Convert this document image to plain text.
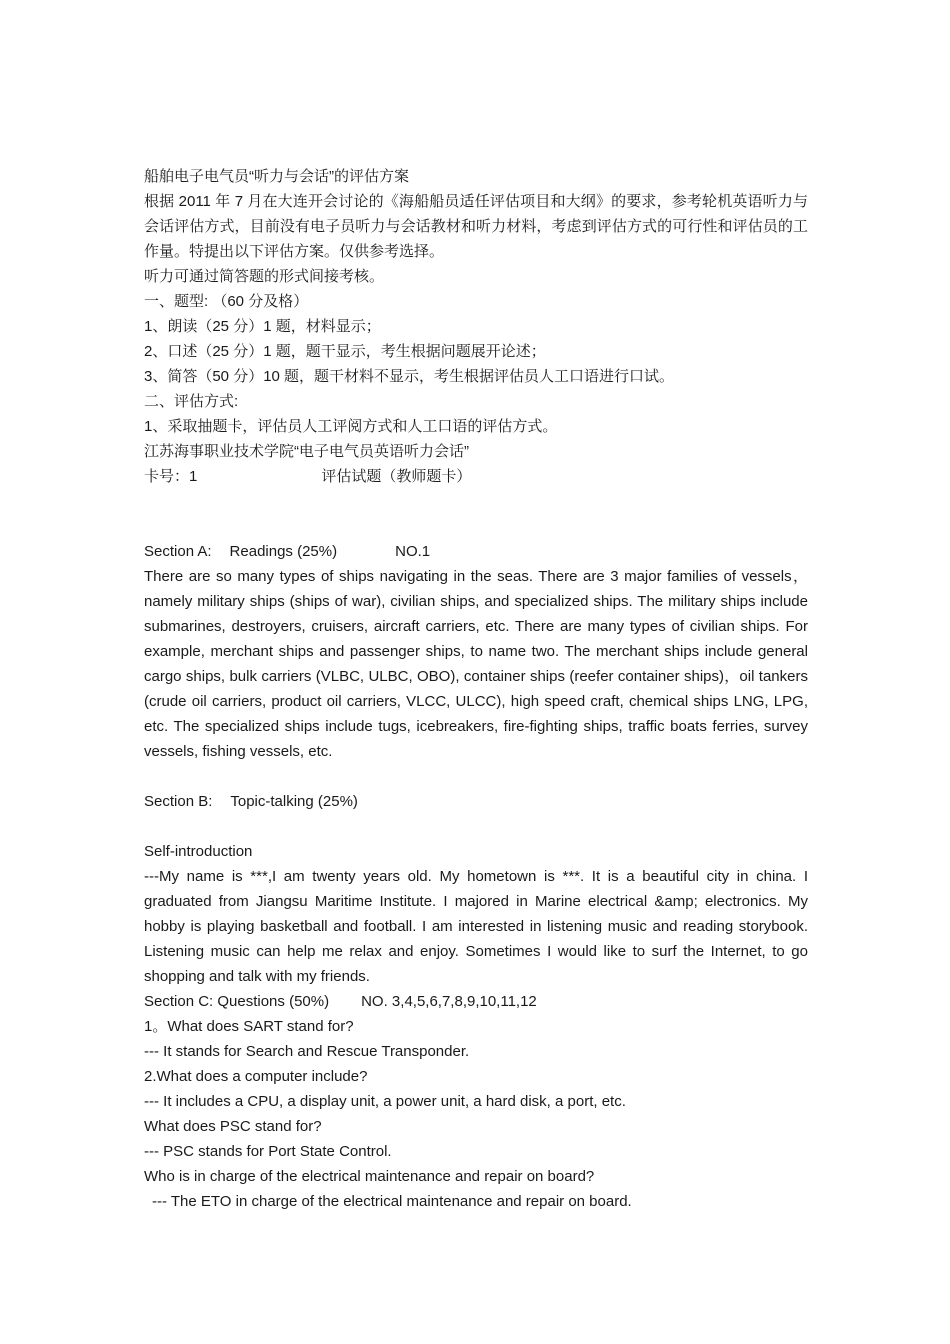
船舶电子电气员“听力与会话”的评估方案
根据 2011 年 7 月在大连开会讨论的《海船船员适任评估项目和大纲》的要求，参考轮机英语听力与会话评估方式，目前没有电子员听力与会话教材和听力材料，考虑到评估方式的可行性和评估员的工作量。特提出以下评估方案。仅供参考选择。
听力可通过简答题的形式间接考核。
一、题型: （60 分及格）
1、朗读（25 分）1 题，材料显示；
2、口述（25 分）1 题，题干显示，考生根据问题展开论述；
3、简答（50 分）10 题，题干材料不显示，考生根据评估员人工口语进行口试。
二、评估方式:
1、采取抽题卡，评估员人工评阅方式和人工口语的评估方式。
江苏海事职业技术学院“电子电气员英语听力会话”
卡号：1	评估试题（教师题卡）
Section A: Readings (25%)	NO.1
There are so many types of ships navigating in the seas. There are 3 major families of vessels，namely military ships (ships of war), civilian ships, and specialized ships. The military ships include submarines, destroyers, cruisers, aircraft carriers, etc. There are many types of civilian ships. For example, merchant ships and passenger ships, to name two. The merchant ships include general cargo ships, bulk carriers (VLBC, ULBC, OBO), container ships (reefer container ships)，oil tankers (crude oil carriers, product oil carriers, VLCC, ULCC), high speed craft, chemical ships LNG, LPG, etc. The specialized ships include tugs, icebreakers, fire-fighting ships, traffic boats ferries, survey vessels, fishing vessels, etc.
Section B: Topic-talking (25%)
Self-introduction
---My name is ***,I am twenty years old. My hometown is ***. It is a beautiful city in china. I graduated from Jiangsu Maritime Institute. I majored in Marine electrical &amp; electronics. My hobby is playing basketball and football. I am interested in listening music and reading storybook. Listening music can help me relax and enjoy. Sometimes I would like to surf the Internet, to go shopping and talk with my friends.
Section C: Questions (50%) NO. 3,4,5,6,7,8,9,10,11,12
1。What does SART stand for?
--- It stands for Search and Rescue Transponder.
2.What does a computer include?
--- It includes a CPU, a display unit, a power unit, a hard disk, a port, etc.
What does PSC stand for?
--- PSC stands for Port State Control.
Who is in charge of the electrical maintenance and repair on board?
--- The ETO in charge of the electrical maintenance and repair on board.
